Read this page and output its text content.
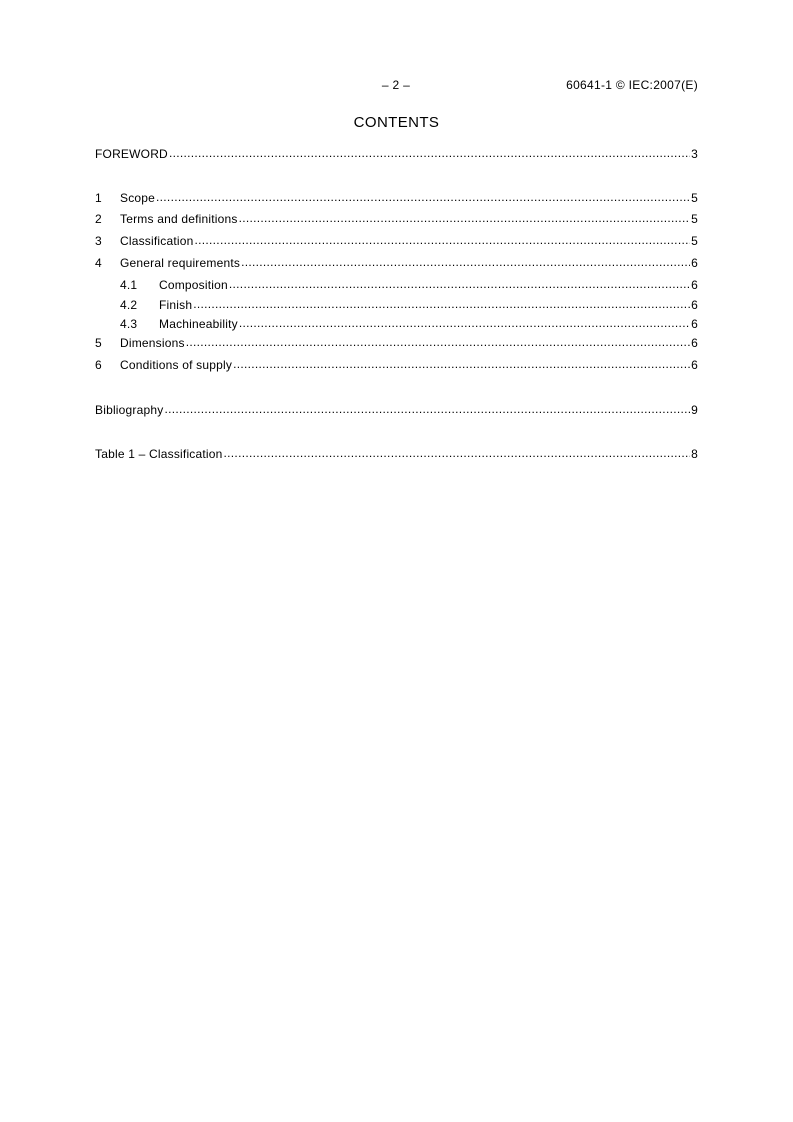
– 2 –	60641-1 © IEC:2007(E)
CONTENTS
FOREWORD .....	3
1	Scope .....	5
2	Terms and definitions .....	5
3	Classification .....	5
4	General requirements .....	6
4.1	Composition .....	6
4.2	Finish .....	6
4.3	Machineability .....	6
5	Dimensions .....	6
6	Conditions of supply .....	6
Bibliography .....	9
Table 1 – Classification .....	8
